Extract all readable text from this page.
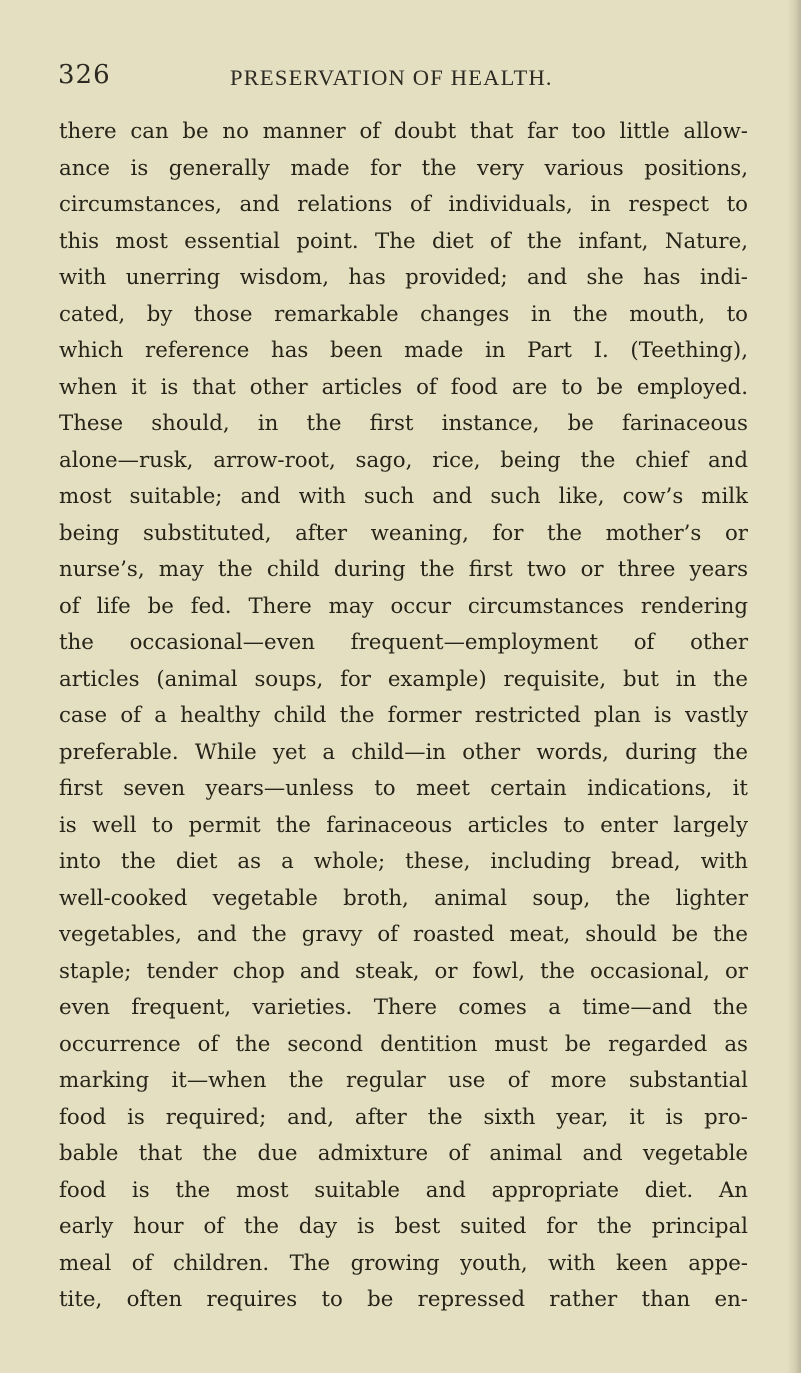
326	PRESERVATION OF HEALTH.
there can be no manner of doubt that far too little allow-
ance is generally made for the very various positions,
circumstances, and relations of individuals, in respect to
this most essential point. The diet of the infant, Nature,
with unerring wisdom, has provided; and she has indi-
cated, by those remarkable changes in the mouth, to
which reference has been made in Part I. (Teething),
when it is that other articles of food are to be employed.
These should, in the first instance, be farinaceous
alone—rusk, arrow-root, sago, rice, being the chief and
most suitable; and with such and such like, cow’s milk
being substituted, after weaning, for the mother’s or
nurse’s, may the child during the first two or three years
of life be fed. There may occur circumstances rendering
the occasional—even frequent—employment of other
articles (animal soups, for example) requisite, but in the
case of a healthy child the former restricted plan is vastly
preferable. While yet a child—in other words, during the
first seven years—unless to meet certain indications, it
is well to permit the farinaceous articles to enter largely
into the diet as a whole; these, including bread, with
well-cooked vegetable broth, animal soup, the lighter
vegetables, and the gravy of roasted meat, should be the
staple; tender chop and steak, or fowl, the occasional, or
even frequent, varieties. There comes a time—and the
occurrence of the second dentition must be regarded as
marking it—when the regular use of more substantial
food is required; and, after the sixth year, it is pro-
bable that the due admixture of animal and vegetable
food is the most suitable and appropriate diet. An
early hour of the day is best suited for the principal
meal of children. The growing youth, with keen appe-
tite, often requires to be repressed rather than en-
